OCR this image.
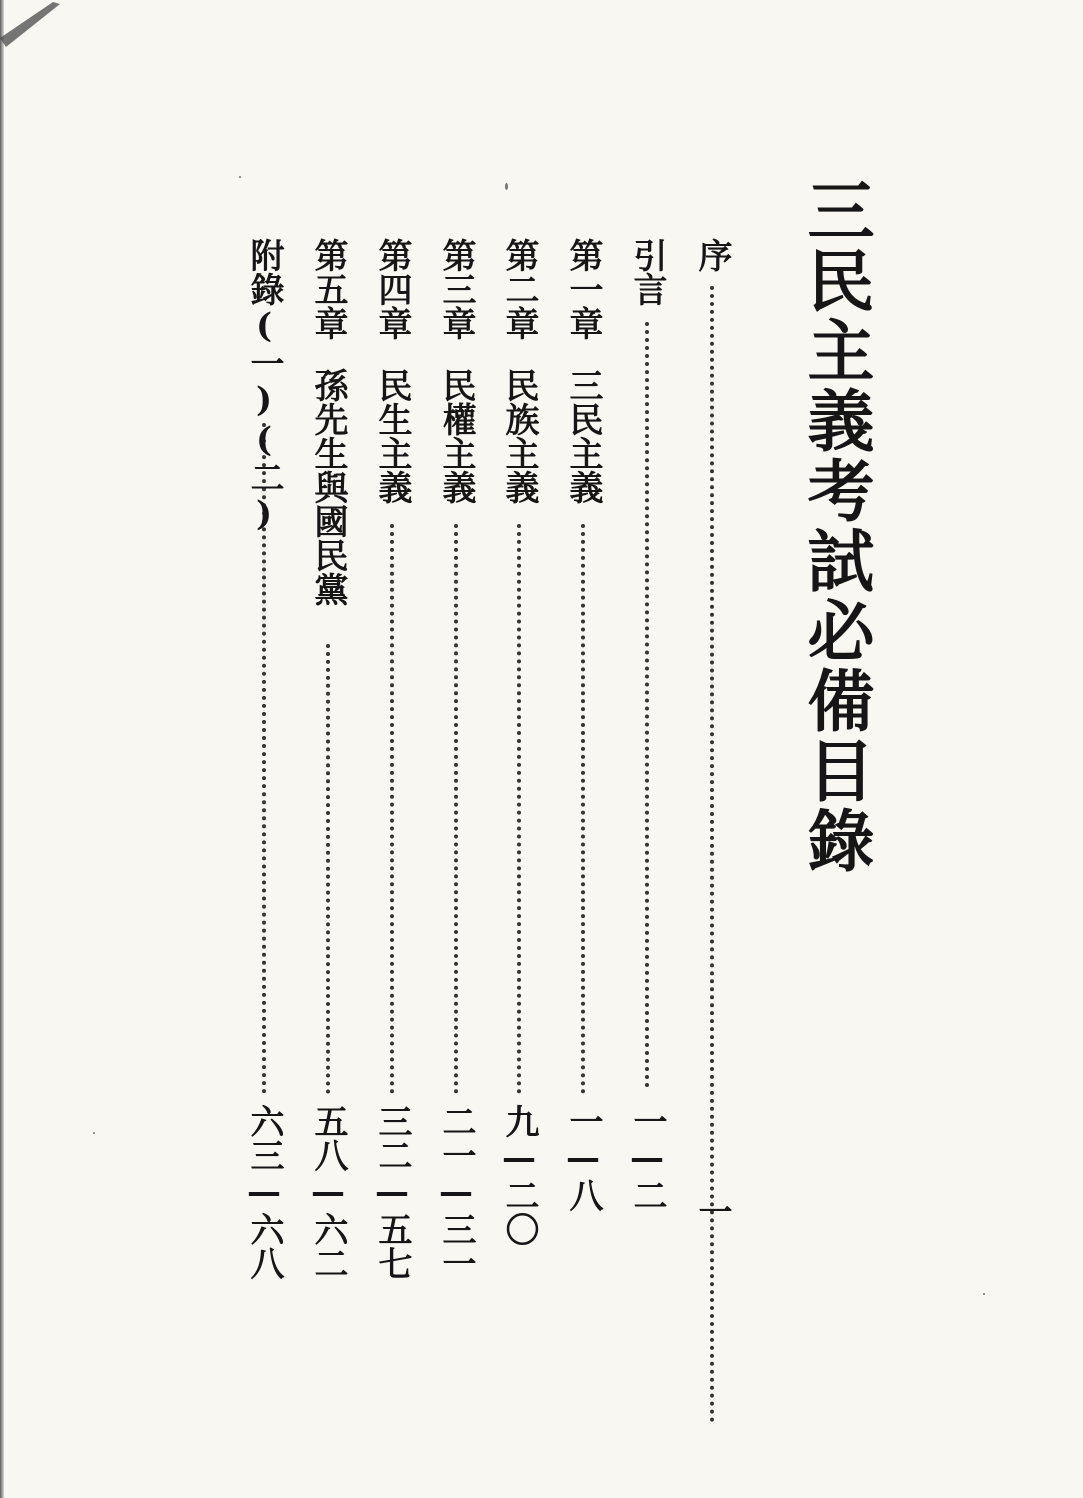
三民主義考試必備目錄
序
一
引言
一—二
第一章
三民主義
一—八
第二章
民族主義
九—二〇
第三章
民權主義
二一—三一
第四章
民生主義
三二—五七
第五章
孫先生與國民黨
五八—六二
附錄(一)(二)
六三—六八
